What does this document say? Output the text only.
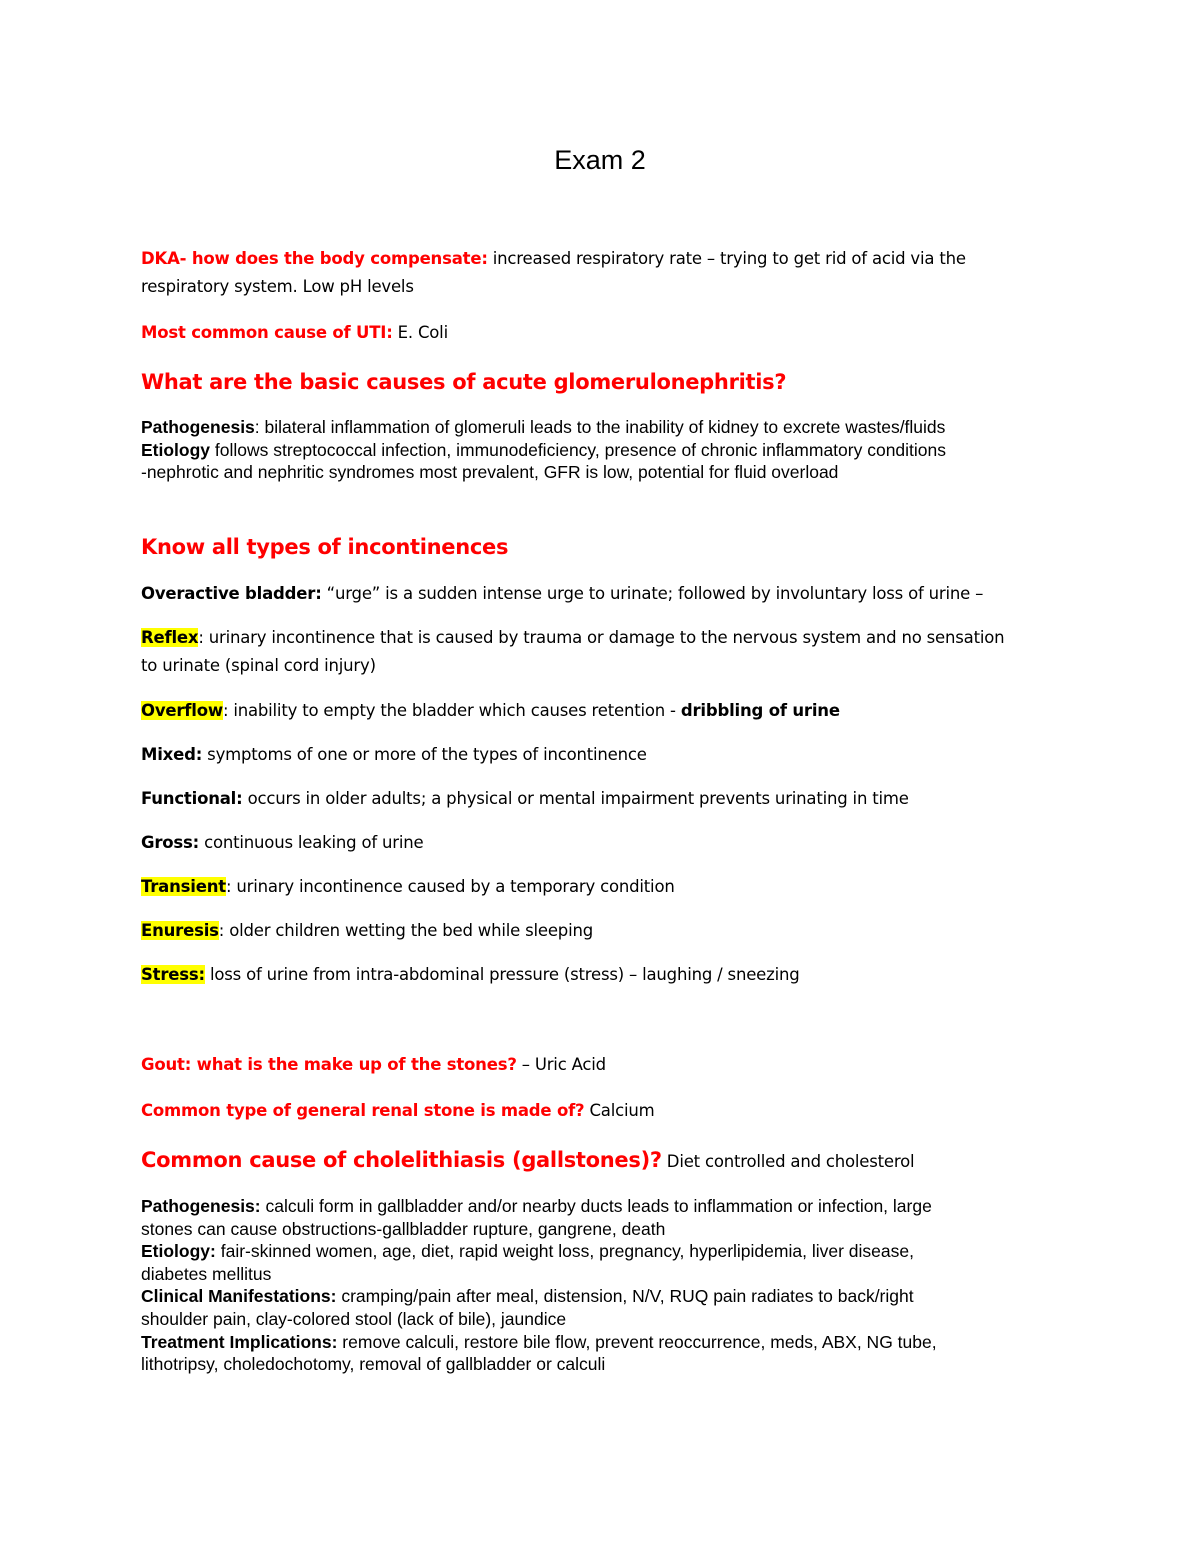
Exam 2
DKA- how does the body compensate: increased respiratory rate – trying to get rid of acid via the
respiratory system. Low pH levels
Most common cause of UTI: E. Coli
What are the basic causes of acute glomerulonephritis?
Pathogenesis: bilateral inflammation of glomeruli leads to the inability of kidney to excrete wastes/fluids
Etiology follows streptococcal infection, immunodeficiency, presence of chronic inflammatory conditions
-nephrotic and nephritic syndromes most prevalent, GFR is low, potential for fluid overload
Know all types of incontinences
Overactive bladder: “urge” is a sudden intense urge to urinate; followed by involuntary loss of urine –
Reflex: urinary incontinence that is caused by trauma or damage to the nervous system and no sensation
to urinate (spinal cord injury)
Overflow: inability to empty the bladder which causes retention - dribbling of urine
Mixed: symptoms of one or more of the types of incontinence
Functional: occurs in older adults; a physical or mental impairment prevents urinating in time
Gross: continuous leaking of urine
Transient: urinary incontinence caused by a temporary condition
Enuresis: older children wetting the bed while sleeping
Stress: loss of urine from intra-abdominal pressure (stress) – laughing / sneezing
Gout: what is the make up of the stones? – Uric Acid
Common type of general renal stone is made of? Calcium
Common cause of cholelithiasis (gallstones)? Diet controlled and cholesterol
Pathogenesis: calculi form in gallbladder and/or nearby ducts leads to inflammation or infection, large
stones can cause obstructions-gallbladder rupture, gangrene, death
Etiology: fair-skinned women, age, diet, rapid weight loss, pregnancy, hyperlipidemia, liver disease,
diabetes mellitus
Clinical Manifestations: cramping/pain after meal, distension, N/V, RUQ pain radiates to back/right
shoulder pain, clay-colored stool (lack of bile), jaundice
Treatment Implications: remove calculi, restore bile flow, prevent reoccurrence, meds, ABX, NG tube,
lithotripsy, choledochotomy, removal of gallbladder or calculi
